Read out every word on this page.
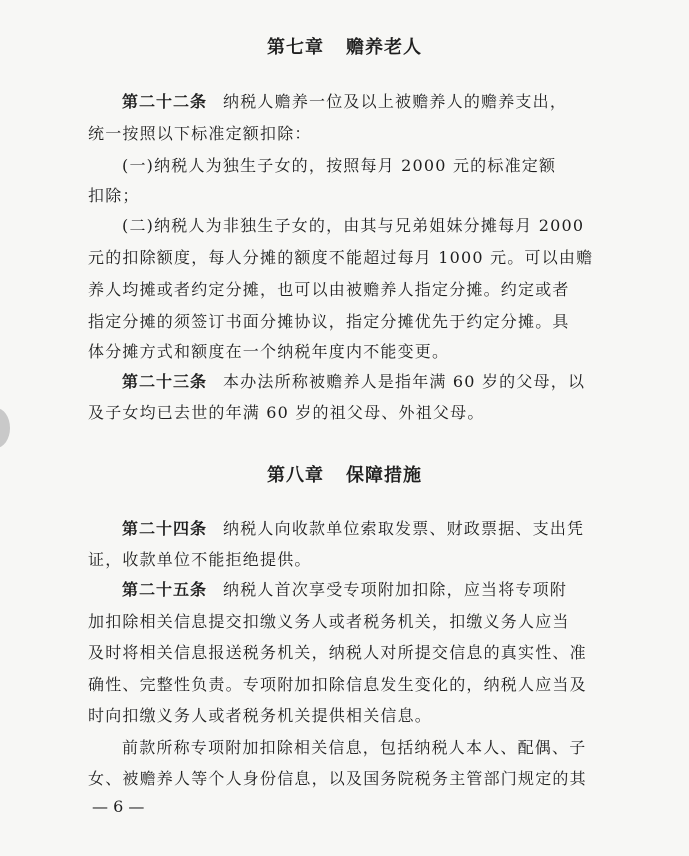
第七章 赡养老人
第二十二条 纳税人赡养一位及以上被赡养人的赡养支出，
统一按照以下标准定额扣除：
(一)纳税人为独生子女的，按照每月 2000 元的标准定额
扣除；
(二)纳税人为非独生子女的，由其与兄弟姐妹分摊每月 2000
元的扣除额度，每人分摊的额度不能超过每月 1000 元。可以由赡
养人均摊或者约定分摊，也可以由被赡养人指定分摊。约定或者
指定分摊的须签订书面分摊协议，指定分摊优先于约定分摊。具
体分摊方式和额度在一个纳税年度内不能变更。
第二十三条 本办法所称被赡养人是指年满 60 岁的父母，以
及子女均已去世的年满 60 岁的祖父母、外祖父母。
第八章 保障措施
第二十四条 纳税人向收款单位索取发票、财政票据、支出凭
证，收款单位不能拒绝提供。
第二十五条 纳税人首次享受专项附加扣除，应当将专项附
加扣除相关信息提交扣缴义务人或者税务机关，扣缴义务人应当
及时将相关信息报送税务机关，纳税人对所提交信息的真实性、准
确性、完整性负责。专项附加扣除信息发生变化的，纳税人应当及
时向扣缴义务人或者税务机关提供相关信息。
前款所称专项附加扣除相关信息，包括纳税人本人、配偶、子
女、被赡养人等个人身份信息，以及国务院税务主管部门规定的其
— 6 —
